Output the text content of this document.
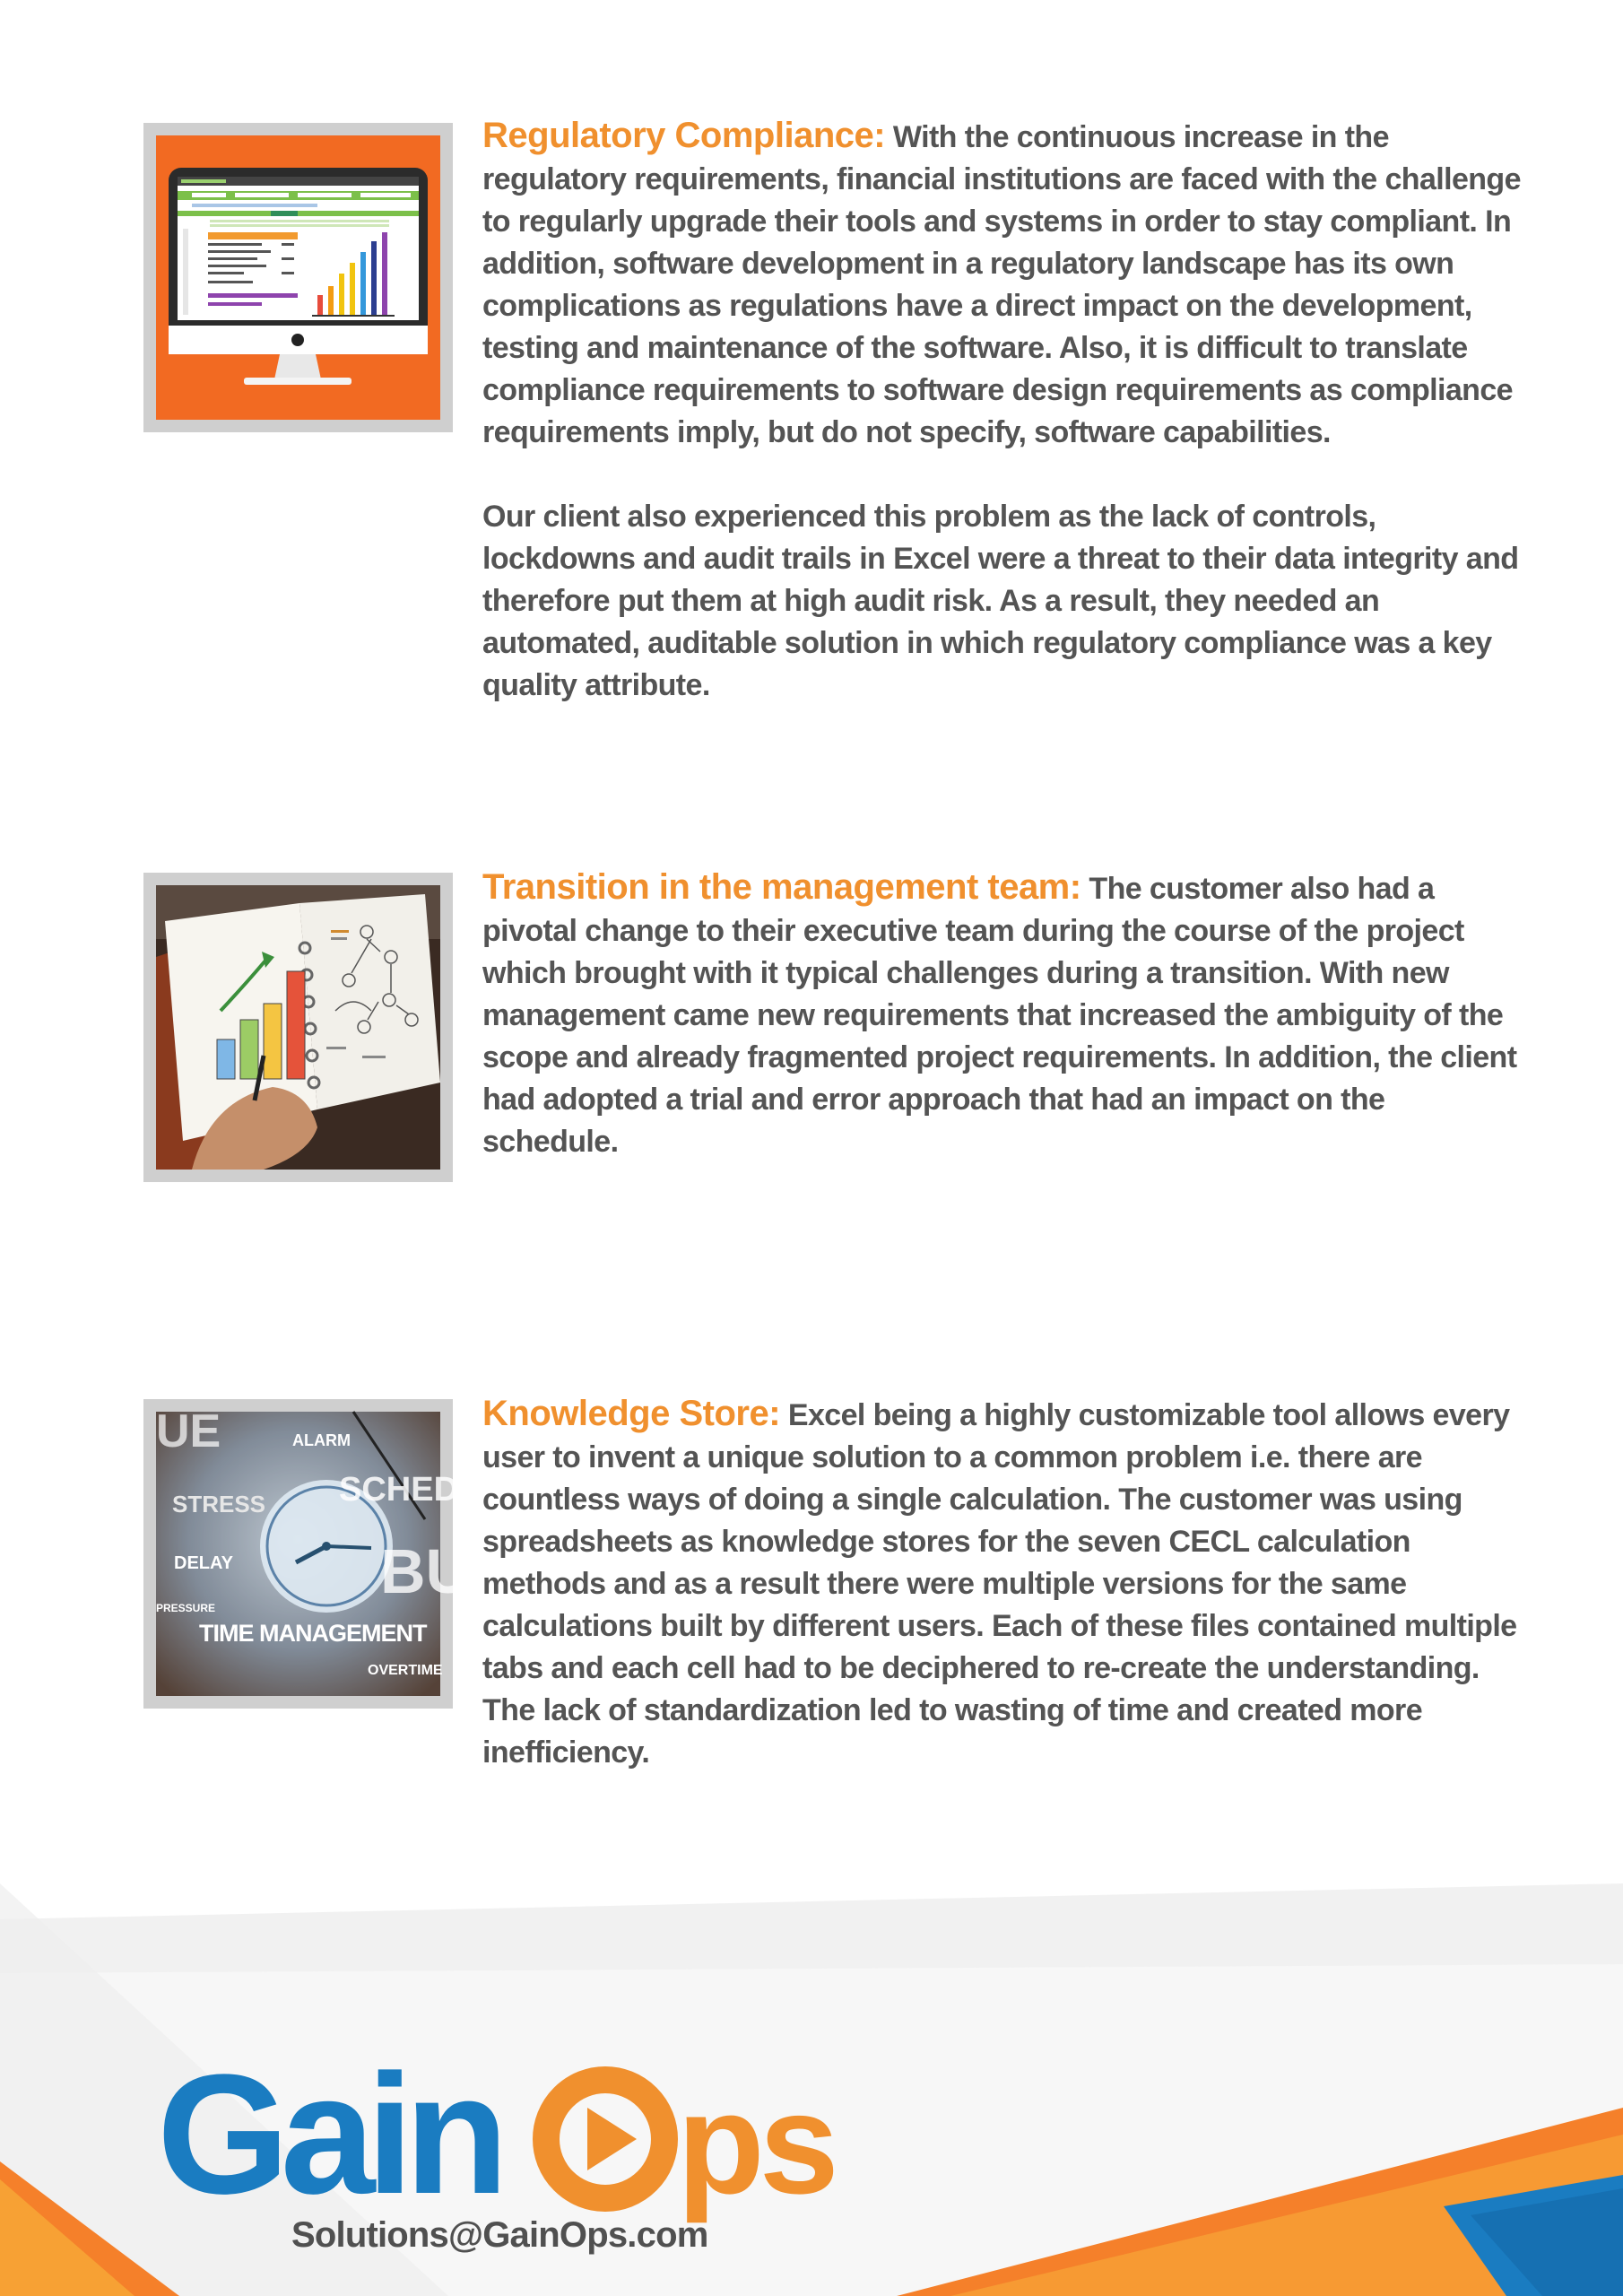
Regulatory Compliance: With the continuous increase in the regulatory requirements, financial institutions are faced with the challenge to regularly upgrade their tools and systems in order to stay compliant. In addition, software development in a regulatory landscape has its own complications as regulations have a direct impact on the development, testing and maintenance of the software. Also, it is difficult to translate compliance requirements to software design requirements as compliance requirements imply, but do not specify, software capabilities.

Our client also experienced this problem as the lack of controls, lockdowns and audit trails in Excel were a threat to their data integrity and therefore put them at high audit risk. As a result, they needed an automated, auditable solution in which regulatory compliance was a key quality attribute.

Transition in the management team: The customer also had a pivotal change to their executive team during the course of the project which brought with it typical challenges during a transition. With new management came new requirements that increased the ambiguity of the scope and already fragmented project requirements. In addition, the client had adopted a trial and error approach that had an impact on the schedule.

UE	ALARM
STRESS SCHEDU
DELAY BU
PRESSURE
TIME MANAGEMENT
OVERTIME

Knowledge Store: Excel being a highly customizable tool allows every user to invent a unique solution to a common problem i.e. there are countless ways of doing a single calculation. The customer was using spreadsheets as knowledge stores for the seven CECL calculation methods and as a result there were multiple versions for the same calculations built by different users. Each of these files contained multiple tabs and each cell had to be deciphered to re-create the understanding. The lack of standardization led to wasting of time and created more inefficiency.

Gain ps
Solutions@GainOps.com
